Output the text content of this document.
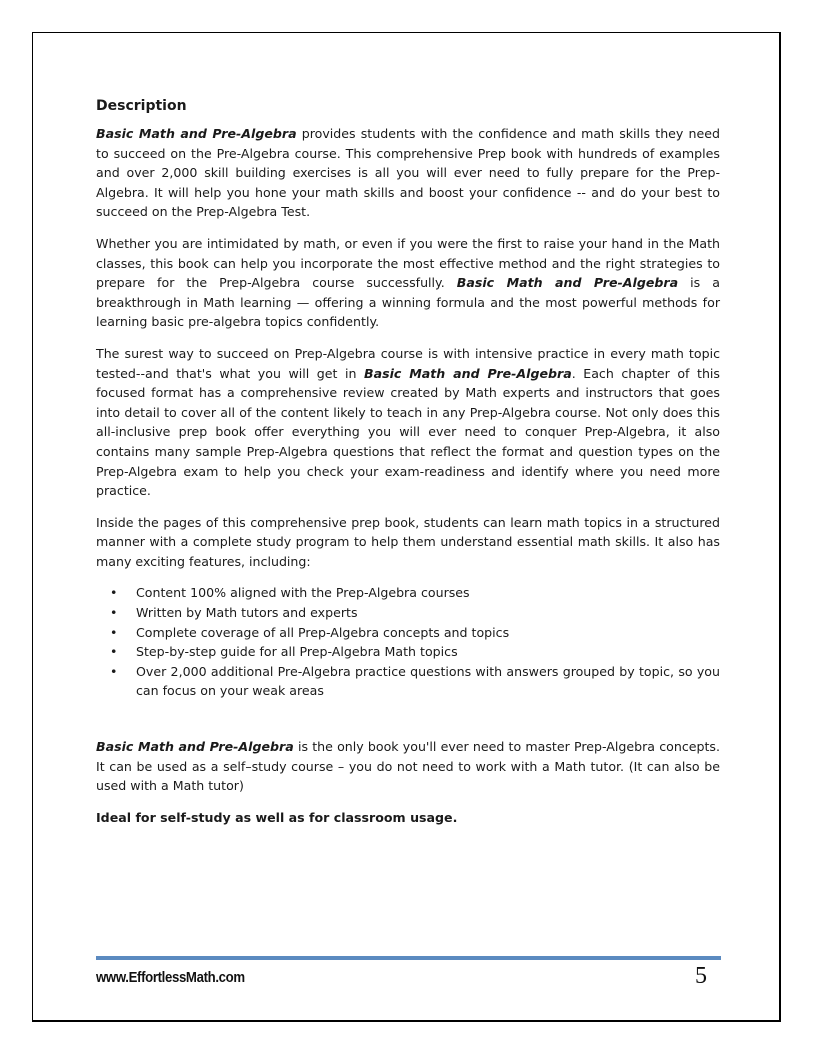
Description

Basic Math and Pre-Algebra provides students with the confidence and math skills they need to succeed on the Pre-Algebra course. This comprehensive Prep book with hundreds of examples and over 2,000 skill building exercises is all you will ever need to fully prepare for the Prep-Algebra. It will help you hone your math skills and boost your confidence -- and do your best to succeed on the Prep-Algebra Test.

Whether you are intimidated by math, or even if you were the first to raise your hand in the Math classes, this book can help you incorporate the most effective method and the right strategies to prepare for the Prep-Algebra course successfully. Basic Math and Pre-Algebra is a breakthrough in Math learning — offering a winning formula and the most powerful methods for learning basic pre-algebra topics confidently.

The surest way to succeed on Prep-Algebra course is with intensive practice in every math topic tested--and that's what you will get in Basic Math and Pre-Algebra. Each chapter of this focused format has a comprehensive review created by Math experts and instructors that goes into detail to cover all of the content likely to teach in any Prep-Algebra course. Not only does this all-inclusive prep book offer everything you will ever need to conquer Prep-Algebra, it also contains many sample Prep-Algebra questions that reflect the format and question types on the Prep-Algebra exam to help you check your exam-readiness and identify where you need more practice.

Inside the pages of this comprehensive prep book, students can learn math topics in a structured manner with a complete study program to help them understand essential math skills. It also has many exciting features, including:

• Content 100% aligned with the Prep-Algebra courses
• Written by Math tutors and experts
• Complete coverage of all Prep-Algebra concepts and topics
• Step-by-step guide for all Prep-Algebra Math topics
• Over 2,000 additional Pre-Algebra practice questions with answers grouped by topic, so you can focus on your weak areas

Basic Math and Pre-Algebra is the only book you'll ever need to master Prep-Algebra concepts. It can be used as a self–study course – you do not need to work with a Math tutor. (It can also be used with a Math tutor)

Ideal for self-study as well as for classroom usage.

www.EffortlessMath.com	5
